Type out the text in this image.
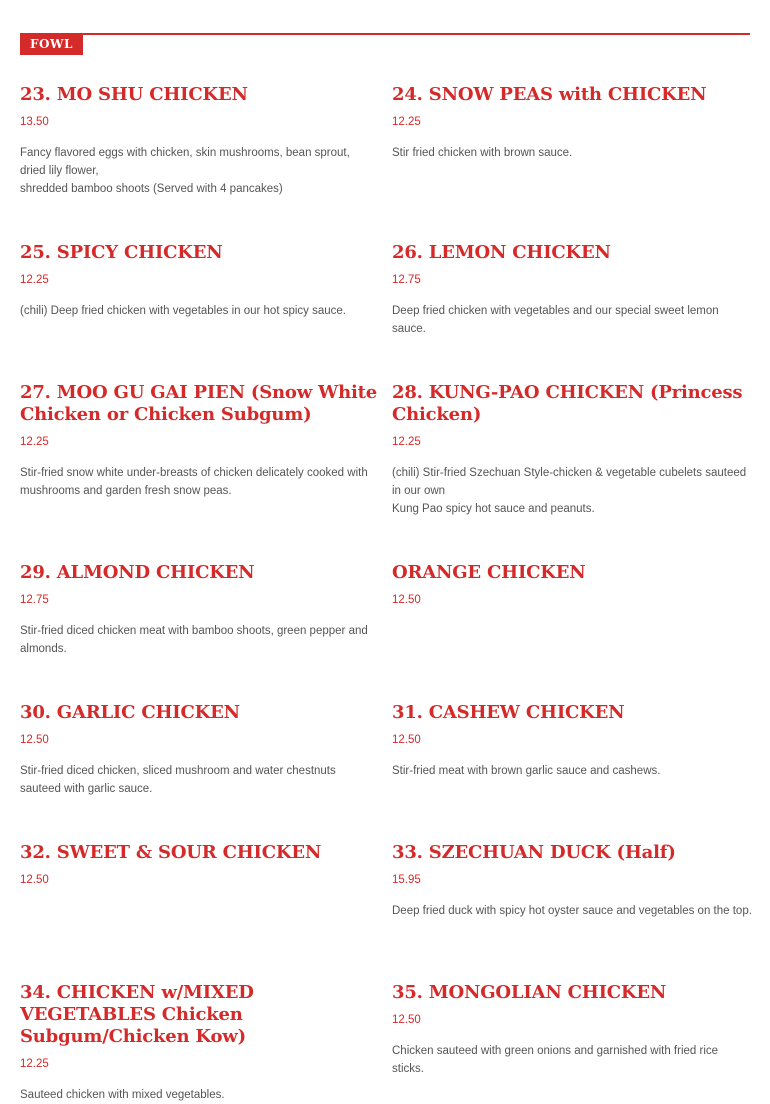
FOWL
23. MO SHU CHICKEN
13.50
Fancy flavored eggs with chicken, skin mushrooms, bean sprout, dried lily flower,
shredded bamboo shoots (Served with 4 pancakes)
24. SNOW PEAS with CHICKEN
12.25
Stir fried chicken with brown sauce.
25. SPICY CHICKEN
12.25
(chili) Deep fried chicken with vegetables in our hot spicy sauce.
26. LEMON CHICKEN
12.75
Deep fried chicken with vegetables and our special sweet lemon sauce.
27. MOO GU GAI PIEN (Snow White Chicken or Chicken Subgum)
12.25
Stir-fried snow white under-breasts of chicken delicately cooked with
mushrooms and garden fresh snow peas.
28. KUNG-PAO CHICKEN (Princess Chicken)
12.25
(chili) Stir-fried Szechuan Style-chicken & vegetable cubelets sauteed in our own
Kung Pao spicy hot sauce and peanuts.
29. ALMOND CHICKEN
12.75
Stir-fried diced chicken meat with bamboo shoots, green pepper and almonds.
ORANGE CHICKEN
12.50
30. GARLIC CHICKEN
12.50
Stir-fried diced chicken, sliced mushroom and water chestnuts sauteed with garlic sauce.
31. CASHEW CHICKEN
12.50
Stir-fried meat with brown garlic sauce and cashews.
32. SWEET & SOUR CHICKEN
12.50
33. SZECHUAN DUCK (Half)
15.95
Deep fried duck with spicy hot oyster sauce and vegetables on the top.
34. CHICKEN w/MIXED VEGETABLES Chicken Subgum/Chicken Kow)
12.25
Sauteed chicken with mixed vegetables.
35. MONGOLIAN CHICKEN
12.50
Chicken sauteed with green onions and garnished with fried rice sticks.
